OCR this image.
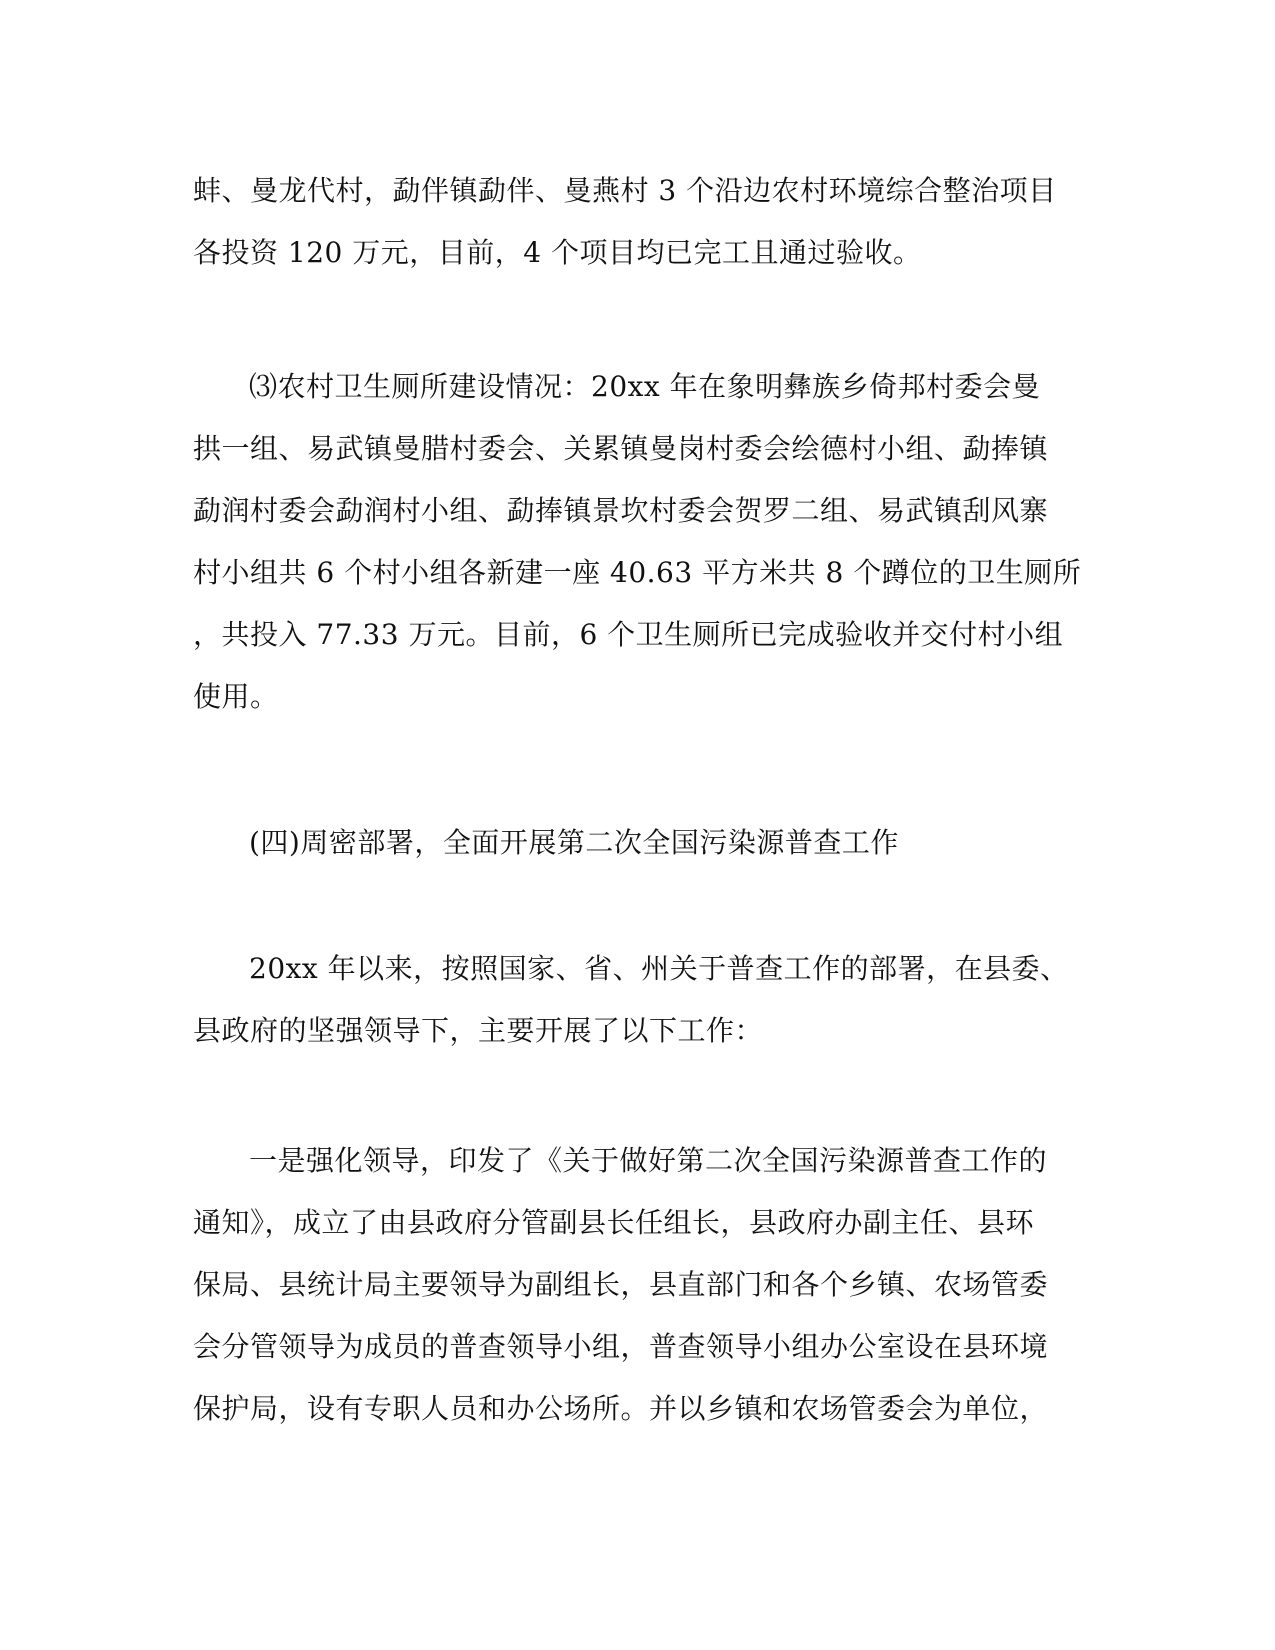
蚌、曼龙代村，勐伴镇勐伴、曼燕村 3 个沿边农村环境综合整治项目
各投资 120 万元，目前，4 个项目均已完工且通过验收。

⑶农村卫生厕所建设情况：20xx 年在象明彝族乡倚邦村委会曼
拱一组、易武镇曼腊村委会、关累镇曼岗村委会绘德村小组、勐捧镇
勐润村委会勐润村小组、勐捧镇景坎村委会贺罗二组、易武镇刮风寨
村小组共 6 个村小组各新建一座 40.63 平方米共 8 个蹲位的卫生厕所
，共投入 77.33 万元。目前，6 个卫生厕所已完成验收并交付村小组
使用。

(四)周密部署，全面开展第二次全国污染源普查工作

20xx 年以来，按照国家、省、州关于普查工作的部署，在县委、
县政府的坚强领导下，主要开展了以下工作：

一是强化领导，印发了《关于做好第二次全国污染源普查工作的
通知》，成立了由县政府分管副县长任组长，县政府办副主任、县环
保局、县统计局主要领导为副组长，县直部门和各个乡镇、农场管委
会分管领导为成员的普查领导小组，普查领导小组办公室设在县环境
保护局，设有专职人员和办公场所。并以乡镇和农场管委会为单位，
